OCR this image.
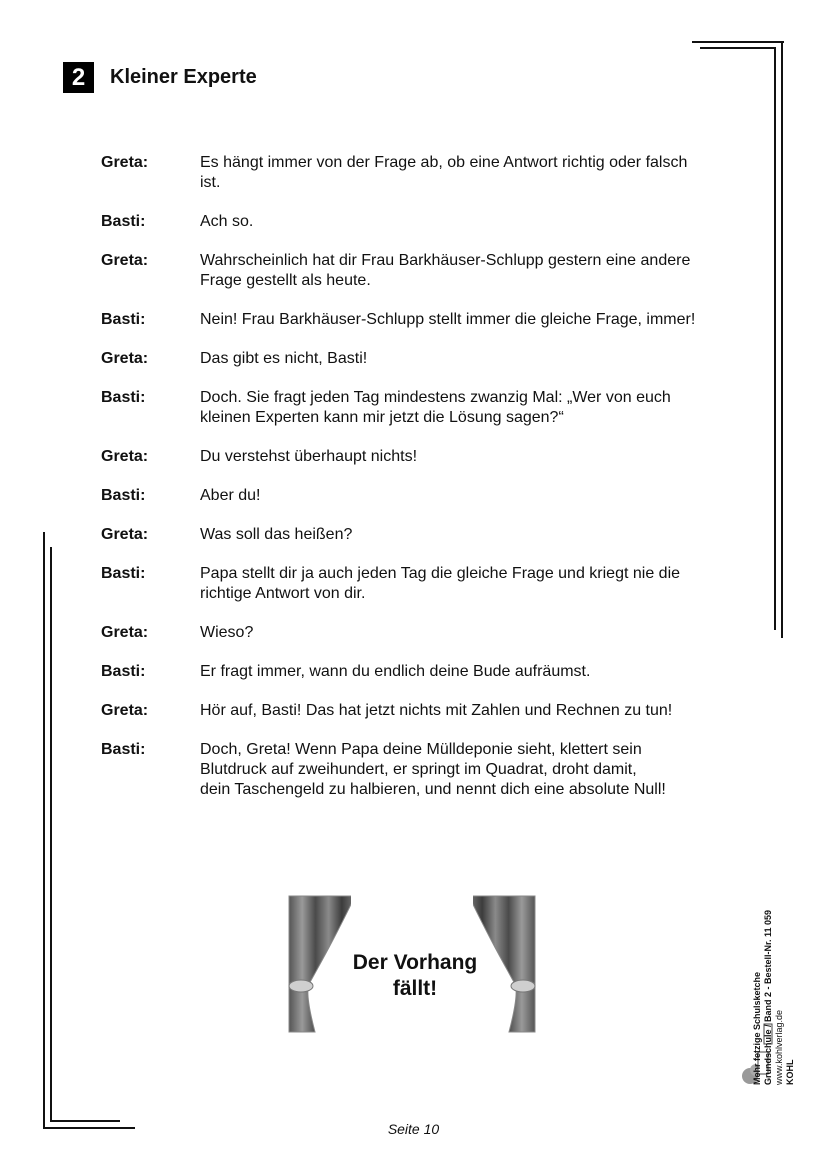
2	Kleiner Experte
Greta:	Es hängt immer von der Frage ab, ob eine Antwort richtig oder falsch
ist.
Basti:	Ach so.
Greta:	Wahrscheinlich hat dir Frau Barkhäuser-Schlupp gestern eine andere
Frage gestellt als heute.
Basti:	Nein! Frau Barkhäuser-Schlupp stellt immer die gleiche Frage, immer!
Greta:	Das gibt es nicht, Basti!
Basti:	Doch. Sie fragt jeden Tag mindestens zwanzig Mal: „Wer von euch
kleinen Experten kann mir jetzt die Lösung sagen?“
Greta:	Du verstehst überhaupt nichts!
Basti:	Aber du!
Greta:	Was soll das heißen?
Basti:	Papa stellt dir ja auch jeden Tag die gleiche Frage und kriegt nie die
richtige Antwort von dir.
Greta:	Wieso?
Basti:	Er fragt immer, wann du endlich deine Bude aufräumst.
Greta:	Hör auf, Basti! Das hat jetzt nichts mit Zahlen und Rechnen zu tun!
Basti:	Doch, Greta! Wenn Papa deine Mülldeponie sieht, klettert sein
Blutdruck auf zweihundert, er springt im Quadrat, droht damit,
dein Taschengeld zu halbieren, und nennt dich eine absolute Null!
Der Vorhang
fällt!
Seite 10
Mehr fetzige Schulsketche Grundschule / Band 2 - Bestell-Nr. 11 059 www.kohlverlag.de KOHL
